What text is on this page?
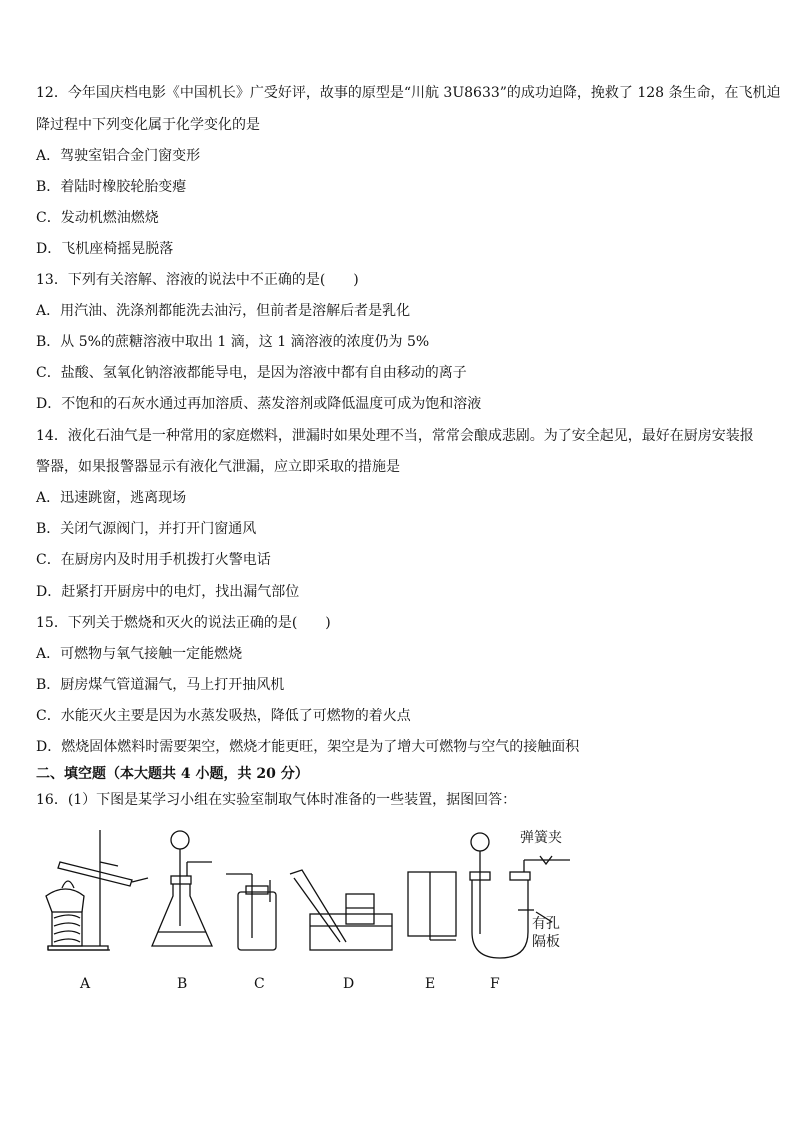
12．今年国庆档电影《中国机长》广受好评，故事的原型是“川航 3U8633”的成功迫降，挽救了 128 条生命，在飞机迫
降过程中下列变化属于化学变化的是
A．驾驶室铝合金门窗变形
B．着陆时橡胶轮胎变瘪
C．发动机燃油燃烧
D．飞机座椅摇晃脱落
13．下列有关溶解、溶液的说法中不正确的是(　　)
A．用汽油、洗涤剂都能洗去油污，但前者是溶解后者是乳化
B．从 5%的蔗糖溶液中取出 1 滴，这 1 滴溶液的浓度仍为 5%
C．盐酸、氢氧化钠溶液都能导电，是因为溶液中都有自由移动的离子
D．不饱和的石灰水通过再加溶质、蒸发溶剂或降低温度可成为饱和溶液
14．液化石油气是一种常用的家庭燃料，泄漏时如果处理不当，常常会酿成悲剧。为了安全起见，最好在厨房安装报
警器，如果报警器显示有液化气泄漏，应立即采取的措施是
A．迅速跳窗，逃离现场
B．关闭气源阀门，并打开门窗通风
C．在厨房内及时用手机拨打火警电话
D．赶紧打开厨房中的电灯，找出漏气部位
15．下列关于燃烧和灭火的说法正确的是(　　)
A．可燃物与氧气接触一定能燃烧
B．厨房煤气管道漏气，马上打开抽风机
C．水能灭火主要是因为水蒸发吸热，降低了可燃物的着火点
D．燃烧固体燃料时需要架空，燃烧才能更旺，架空是为了增大可燃物与空气的接触面积
二、填空题（本大题共 4 小题，共 20 分）
16．(1）下图是某学习小组在实验室制取气体时准备的一些装置，据图回答：
A	B	C	D	E	F
弹簧夹
有孔
隔板
